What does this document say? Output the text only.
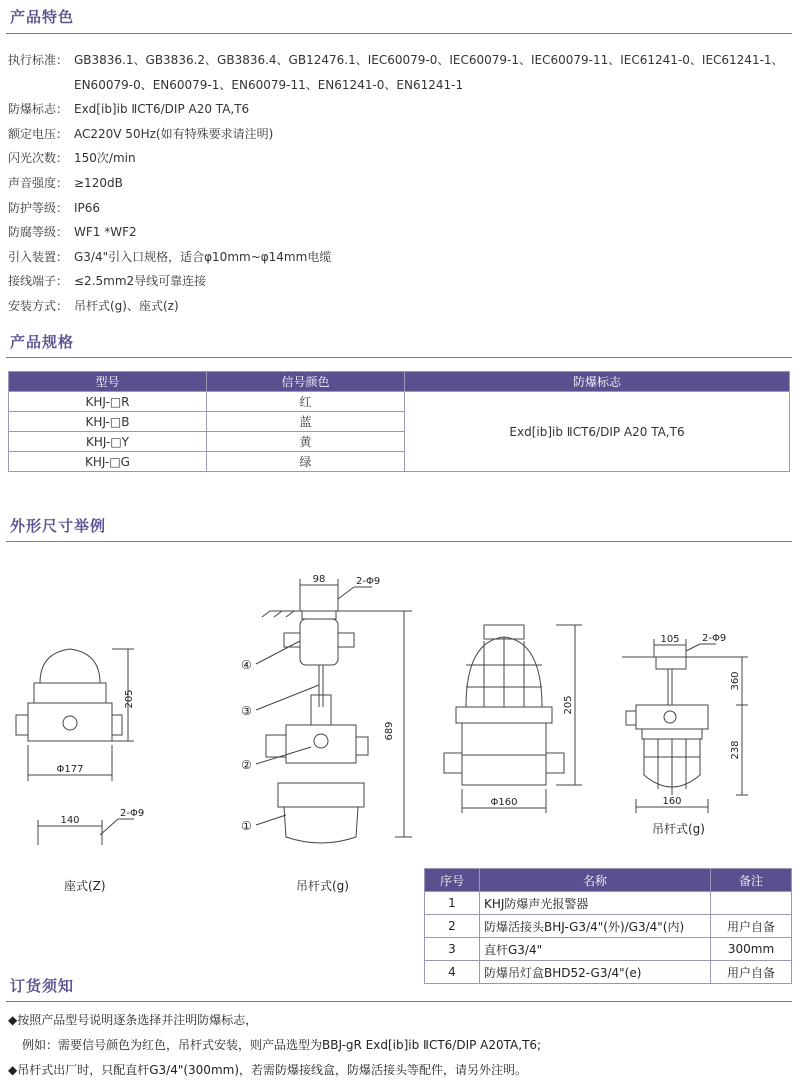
产品特色
执行标准： GB3836.1、GB3836.2、GB3836.4、GB12476.1、IEC60079-0、IEC60079-1、IEC60079-11、IEC61241-0、IEC61241-1、EN60079-0、EN60079-1、EN60079-11、EN61241-0、EN61241-1
防爆标志： Exd[ib]ib ⅡCT6/DIP A20 TA,T6
额定电压： AC220V 50Hz(如有特殊要求请注明)
闪光次数： 150次/min
声音强度： ≥120dB
防护等级： IP66
防腐等级： WF1 *WF2
引入装置： G3/4"引入口规格，适合φ10mm~φ14mm电缆
接线端子： ≤2.5mm2导线可靠连接
安装方式： 吊杆式(g)、座式(z)
产品规格
型号	信号颜色	防爆标志
KHJ-□R	红	Exd[ib]ib ⅡCT6/DIP A20 TA,T6
KHJ-□B	蓝	
KHJ-□Y	黄	
KHJ-□G	绿	
外形尺寸举例
205
Φ177
140
2-Φ9
98	2-Φ9
689
④
③
②
①
205
Φ160
105 2-Φ9
360
238
160
座式(Z)	吊杆式(g)
吊杆式(g)
序号	名称	备注
1	KHJ防爆声光报警器	
2	防爆活接头BHJ-G3/4"(外)/G3/4"(内)	用户自备
3	直杆G3/4"	300mm
4	防爆吊灯盒BHD52-G3/4"(e)	用户自备
订货须知

◆按照产品型号说明逐条选择并注明防爆标志，

例如：需要信号颜色为红色，吊杆式安装，则产品选型为BBJ-gR Exd[ib]ib ⅡCT6/DIP A20TA,T6;

◆吊杆式出厂时，只配直杆G3/4"(300mm)，若需防爆接线盒，防爆活接头等配件，请另外注明。
